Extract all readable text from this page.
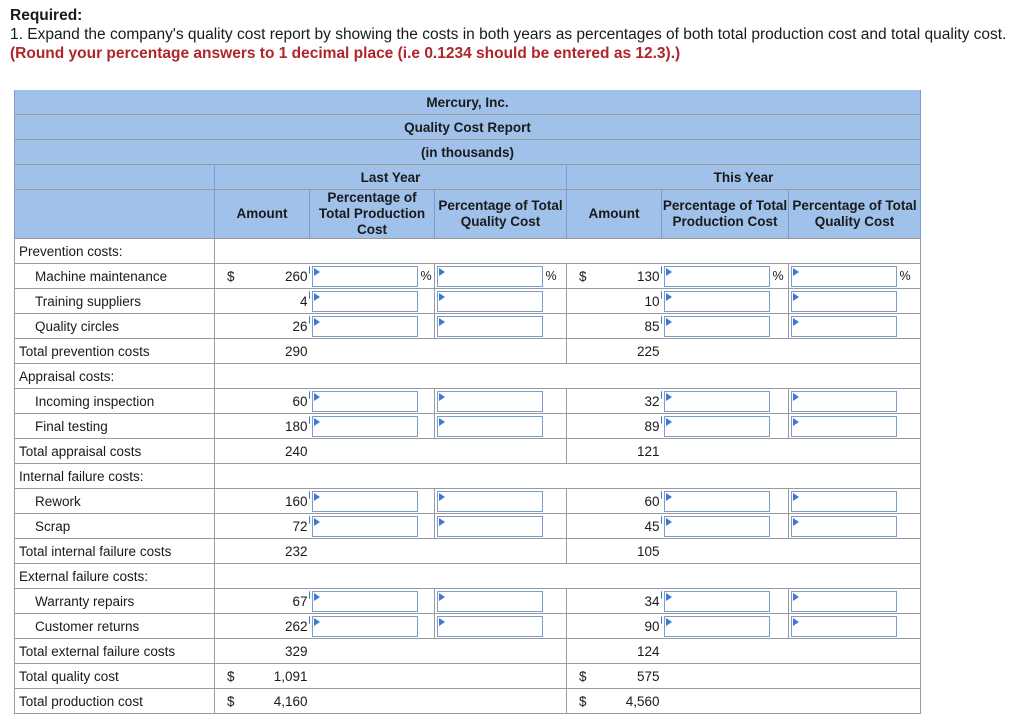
Required:
1. Expand the company's quality cost report by showing the costs in both years as percentages of both total production cost and total quality cost. (Round your percentage answers to 1 decimal place (i.e 0.1234 should be entered as 12.3).)
Mercury, Inc.												
Quality Cost Report												
(in thousands)												
	Last Year						This Year					
	Amount		Percentage of Total Production Cost		Percentage of Total Quality Cost		Amount		Percentage of Total Production Cost		Percentage of Total Quality Cost	
Prevention costs:												
Machine maintenance	$	260		%		%	$	130		%		%
Training suppliers		4						10	

Quality circles		26						85	

Total prevention costs		290						225				
Appraisal costs:												
Incoming inspection		60						32	

Final testing		180						89	

Total appraisal costs		240						121				
Internal failure costs:												
Rework		160						60	

Scrap		72						45	

Total internal failure costs		232						105				
External failure costs:												
Warranty repairs		67						34	

Customer returns		262						90	

Total external failure costs		329						124				
Total quality cost	$	1,091					$	575				
Total production cost	$	4,160					$	4,560				
